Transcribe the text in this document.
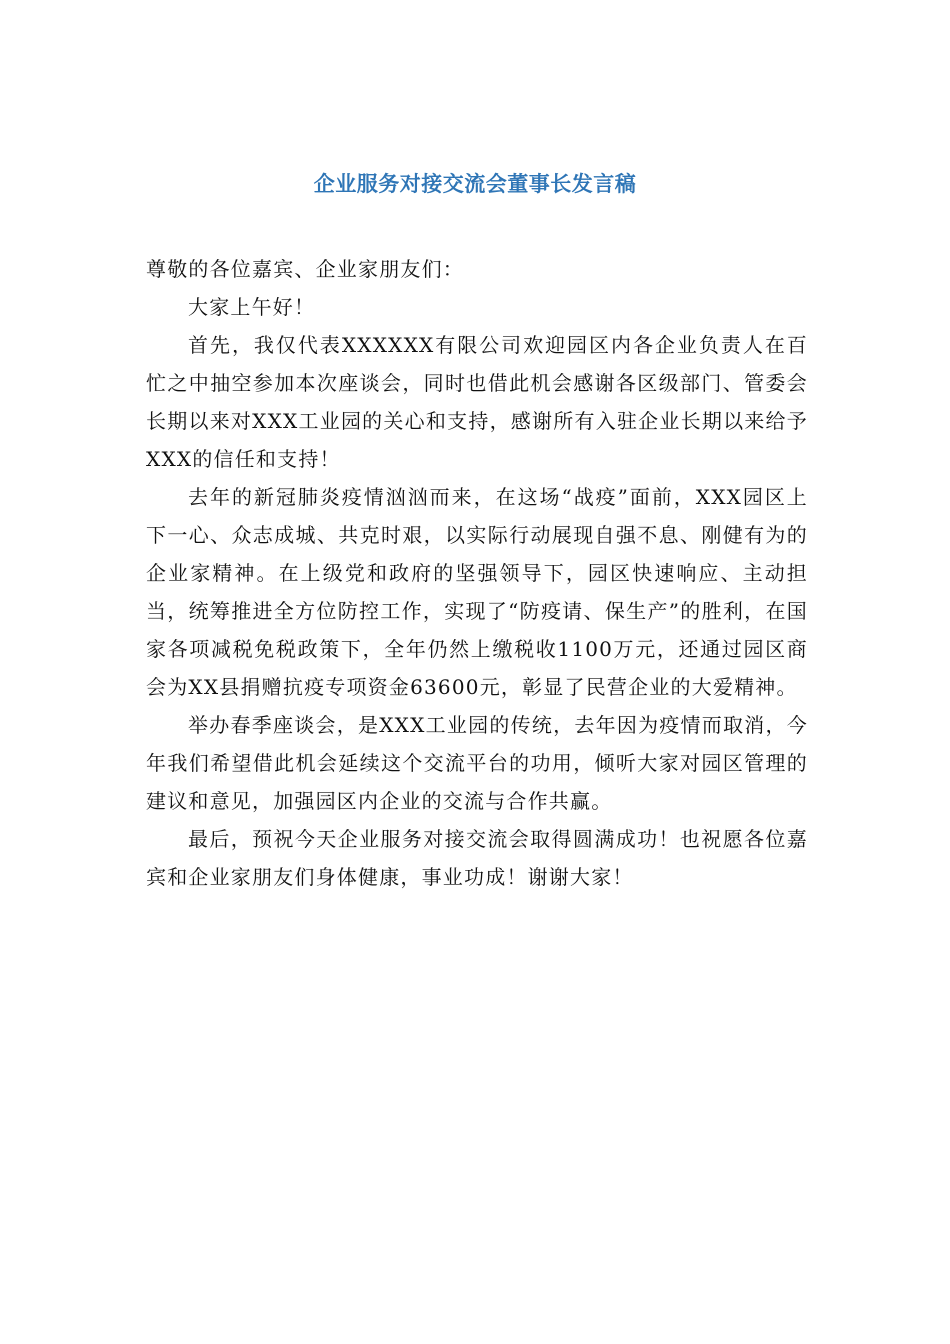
企业服务对接交流会董事长发言稿

尊敬的各位嘉宾、企业家朋友们：

大家上午好！

首先，我仅代表XXXXXX有限公司欢迎园区内各企业负责人在百忙之中抽空参加本次座谈会，同时也借此机会感谢各区级部门、管委会长期以来对XXX工业园的关心和支持，感谢所有入驻企业长期以来给予XXX的信任和支持！

去年的新冠肺炎疫情汹汹而来，在这场“战疫”面前，XXX园区上下一心、众志成城、共克时艰，以实际行动展现自强不息、刚健有为的企业家精神。在上级党和政府的坚强领导下，园区快速响应、主动担当，统筹推进全方位防控工作，实现了“防疫请、保生产”的胜利，在国家各项减税免税政策下，全年仍然上缴税收1100万元，还通过园区商会为XX县捐赠抗疫专项资金63600元，彰显了民营企业的大爱精神。

举办春季座谈会，是XXX工业园的传统，去年因为疫情而取消，今年我们希望借此机会延续这个交流平台的功用，倾听大家对园区管理的建议和意见，加强园区内企业的交流与合作共赢。

最后，预祝今天企业服务对接交流会取得圆满成功！也祝愿各位嘉宾和企业家朋友们身体健康，事业功成！谢谢大家！
